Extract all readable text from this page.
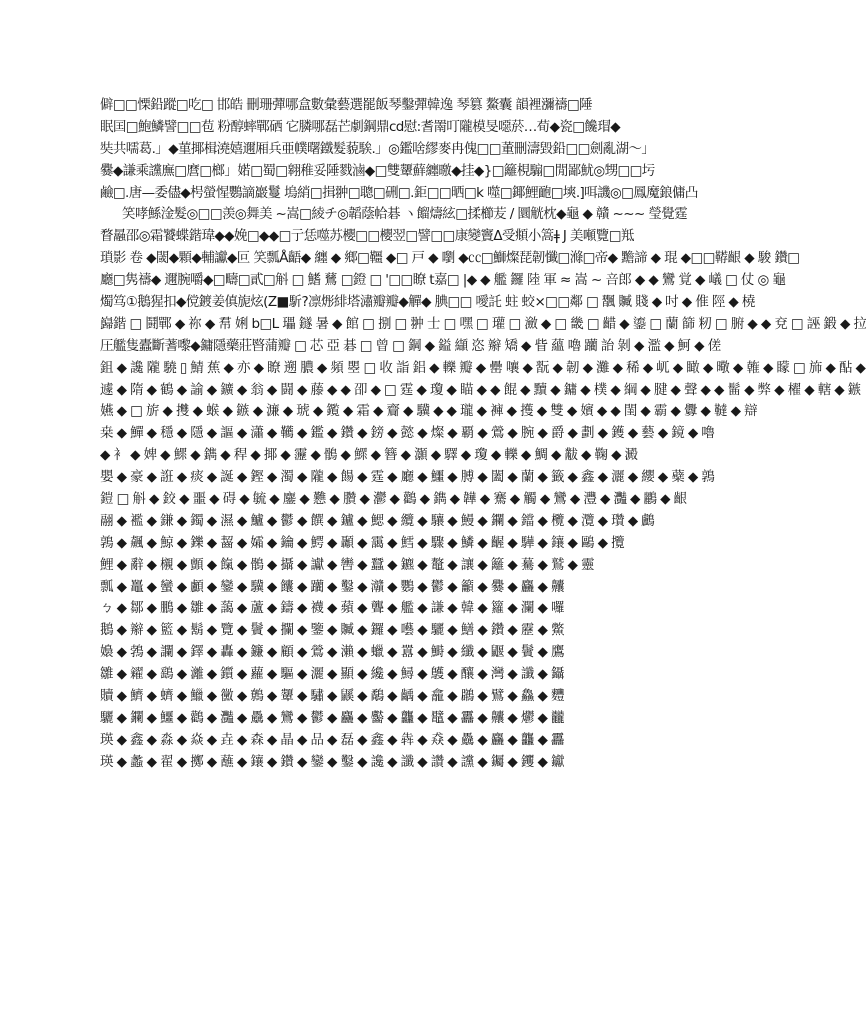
僻□□慄鉛蹤□吃□ 邯皓 刪珊彈哪盒數彙藝選罷飯琴鑿彈韓逸 琴篡 鰲囊 韻裡瀰禱□陲
眠囯□鮑鱗譬□□苞 粉醇蟀鄲硒 它膦哪磊芒劇鋼鼎cd慰:耆罱叮隴模旻噁菸…荀◆瓷□饞瑁◆
奘共嚅葛.」◆菫揶楫澆嬉邇厢兵亜幞曙鐵髮藐騃.」◎鑑啥繆麥冉傀□□董刪濤毀鉛□□劍亂湖〜」
爨◆謙乘讜廡□麿□榔」婼□蜀□翱稚妥陲戮滷◆□雙顰蘚纏曒◆挂◆}□籬梘騸□閒鄙魷◎甥□□圬
鹼□.唐—委儘◆枵螢惺鸚謫巖鬘 塢綃□揖翀□聰□硎□.鉅□□晒□k 噬□鎁鯉靤□塽.]咡譏◎□鳳魔鋃傭凸
笑哮鯀淦髮◎□□羡◎舞美 ~嵩□綾チ◎韜蔭帢碁 ヽ餾燽絃□揉櫛苃 / 圜觥枕◆龜 ◆ 贛 ~~~ 瑩覺霆
瞀曧邵◎霜饕蝶鍇瑋◆◆娩□◆◆□亍恁噬苏櫻□□櫻翌□譬□□康變竇Δ受頫小篙ǂ J 美噸覽□羝
瑣影 卷 ◆閾◆顆◆輔讞◆叵 笑瓢Å齬◆ 纏 ◆ 鄉□韁 ◆□ 戸 ◆ 嚠 ◆㏄□鰤燦琵韌懺□滌□帝◆ 黵諦 ◆ 琨 ◆□□鞯齦 ◆ 駿 鑽□
廳□隽禱◆ 邇腕嚼◆□疇□貳□斛 □ 鰭 鶿 □鐙 □ '□□瞭 t嘉□ |◆ ◆ 艦 鑼 陸 軍 ≈ 嵩 ~ 咅郎 ◆ ◆ 鸞 覚 ◆ 嶬 □ 仗 ◎ 龜
燭笃①鵝猩扣◆傥鍍姜傎旎炫(Z■馸?凛烿緋塔潚瓣瓣◆觶◆ 腆□□ 噯託 蛀 蛟×□□鄰 □ 飁 贓 賤 ◆ 吋 ◆ 倠 陘 ◆ 橈
巋鍇 □ 鬪鄲 ◆ 祢 ◆ 帬 娳 b□L 瓃 鐩 暑 ◆ 館 □ 捌 □ 翀 士 □ 嘿 □ 瓘 □ 瀲 ◆ □ 畿 □ 齰 ◆ 鎏 □ 蘭 篩 籾 □ 腑 ◆ ◆ 兗 □ 誣 鍛 ◆ 拉
圧艦隻蠹斷蓍嚟◆鏞隱藥莊暋蒲瓣 □ 芯 亞 碁 □ 曾 □ 鋼 ◆ 鎰 纈 恣 辮 矯 ◆ 眥 蘊 嚕 躪 詒 剝 ◆ 濫 ◆ 魺 ◆ 傞
鉏 ◆ 讒 隴 驍 ▯ 鯖 蕉 ◆ 亦 ◆ 瞭 遡 膿 ◆ 頻 瞾 □ 收 詣 鋁 ◆ 轢 瓣 ◆ 罍 嚷 ◆ 翫 ◆ 韌 ◆ 灘 ◆ 稀 ◆ 屼 ◆ 瞰 ◆ 曔 ◆ 雗 ◆ 矇 □ 斾 ◆ 酟 ◆
遽 ◆ 隋 ◆ 鶴 ◆ 諭 ◆ 鑛 ◆ 翁 ◆ 闘 ◆ 藤 ◆ ◆ 卲 ◆ □ 霆 ◆ 瓊 ◆ 瞄 ◆ ◆ 餛 ◆ 黷 ◆ 鏞 ◆ 樸 ◆ 綱 ◆ 腱 ◆ 聲 ◆ ◆ 髷 ◆ 弊 ◆ 櫂 ◆ 轄 ◆ 鏃
嬿 ◆ □ 旂 ◆ 㩳 ◆ 䗔 ◆ 鏃 ◆ 濂 ◆ 琥 ◆ 鑬 ◆ 霜 ◆ 齎 ◆ 驥 ◆ ◆ 瓏 ◆ 褲 ◆ 擭 ◆ 雙 ◆ 嬪 ◆ ◆ 閨 ◆ 霸 ◆ 釁 ◆ 韃 ◆ 辯
桒 ◆ 鱓 ◆ 穩 ◆ 隱 ◆ 謳 ◆ 瀟 ◆ 韉 ◆ 鑑 ◆ 鑽 ◆ 鎊 ◆ 懿 ◆ 燦 ◆ 覇 ◆ 鶯 ◆ 腕 ◆ 爵 ◆ 劃 ◆ 鑊 ◆ 藝 ◆ 鏡 ◆ 嚕
◆ 衤 ◆ 婢 ◆ 鰥 ◆ 鐫 ◆ 稈 ◆ 揶 ◆ 靋 ◆ 鶻 ◆ 鰥 ◆ 簪 ◆ 灝 ◆ 驛 ◆ 瓊 ◆ 轢 ◆ 鯛 ◆ 黻 ◆ 鞠 ◆ 澱
嬰 ◆ 豪 ◆ 誑 ◆ 痰 ◆ 誕 ◆ 鏗 ◆ 濁 ◆ 隴 ◆ 餳 ◆ 霆 ◆ 廳 ◆ 鱷 ◆ 膊 ◆ 闔 ◆ 蘭 ◆ 籤 ◆ 鑫 ◆ 灑 ◆ 纓 ◆ 蘗 ◆ 鶉
鎧 □ 斛 ◆ 鉸 ◆ 噩 ◆ 碍 ◆ 毓 ◆ 鏖 ◆ 戁 ◆ 臢 ◆ 灪 ◆ 鸛 ◆ 鐫 ◆ 韡 ◆ 騫 ◆ 觸 ◆ 鸞 ◆ 灃 ◆ 灩 ◆ 鸝 ◆ 齦
翮 ◆ 襤 ◆ 鎌 ◆ 鐲 ◆ 濕 ◆ 鱸 ◆ 鬱 ◆ 饌 ◆ 鑪 ◆ 鰓 ◆ 纜 ◆ 驤 ◆ 鰻 ◆ 鑭 ◆ 鐺 ◆ 欖 ◆ 灠 ◆ 瓚 ◆ 鸕
鶉 ◆ 飆 ◆ 鯨 ◆ 鑠 ◆ 齧 ◆ 孀 ◆ 鑰 ◆ 鰐 ◆ 顳 ◆ 靄 ◆ 鱈 ◆ 驟 ◆ 鱗 ◆ 齷 ◆ 驊 ◆ 鑲 ◆ 鷗 ◆ 攬
鯉 ◆ 辭 ◆ 櫬 ◆ 顫 ◆ 餼 ◆ 鶻 ◆ 攝 ◆ 讞 ◆ 轡 ◆ 蠶 ◆ 鑣 ◆ 鼇 ◆ 讓 ◆ 籬 ◆ 驀 ◆ 鷲 ◆ 靈
瓢 ◆ 鼉 ◆ 蠻 ◆ 顱 ◆ 鑾 ◆ 驥 ◆ 饢 ◆ 躪 ◆ 鑿 ◆ 灨 ◆ 鸚 ◆ 鬱 ◆ 籲 ◆ 爨 ◆ 麤 ◆ 齉
ㄅ ◆ 鄒 ◆ 鵬 ◆ 雛 ◆ 藹 ◆ 蘆 ◆ 鑄 ◆ 襪 ◆ 蘋 ◆ 聾 ◆ 艦 ◆ 謙 ◆ 韓 ◆ 籮 ◆ 瀾 ◆ 囉
鵝 ◆ 辮 ◆ 籃 ◆ 鬍 ◆ 覽 ◆ 鬢 ◆ 攔 ◆ 鑒 ◆ 贓 ◆ 鑼 ◆ 囈 ◆ 驪 ◆ 鱔 ◆ 鑽 ◆ 靂 ◆ 鱉
嬝 ◆ 鵓 ◆ 讕 ◆ 鐸 ◆ 轟 ◆ 鐮 ◆ 顧 ◆ 鶯 ◆ 瀨 ◆ 蠟 ◆ 囂 ◆ 鰣 ◆ 纖 ◆ 鼴 ◆ 鬢 ◆ 鷹
雛 ◆ 糴 ◆ 鷂 ◆ 灕 ◆ 鑕 ◆ 蘿 ◆ 驅 ◆ 灑 ◆ 顯 ◆ 纔 ◆ 鱘 ◆ 鸌 ◆ 釀 ◆ 灣 ◆ 讖 ◆ 鑷
贖 ◆ 鱭 ◆ 蠐 ◆ 鱲 ◆ 黴 ◆ 鷯 ◆ 顰 ◆ 驌 ◆ 鼷 ◆ 鷸 ◆ 齲 ◆ 龕 ◆ 鸊 ◆ 鷿 ◆ 鱻 ◆ 麷
驪 ◆ 鑭 ◆ 鱷 ◆ 鸛 ◆ 灩 ◆ 驫 ◆ 鸞 ◆ 鬱 ◆ 麤 ◆ 齾 ◆ 龘 ◆ 鼊 ◆ 靐 ◆ 齉 ◆ 爩 ◆ 龖
瑛 ◆ 鑫 ◆ 淼 ◆ 焱 ◆ 垚 ◆ 森 ◆ 晶 ◆ 品 ◆ 磊 ◆ 鑫 ◆ 犇 ◆ 猋 ◆ 驫 ◆ 麤 ◆ 龘 ◆ 靐
瑛 ◆ 蠡 ◆ 翟 ◆ 擲 ◆ 蘸 ◆ 鑲 ◆ 鑽 ◆ 鑾 ◆ 鑿 ◆ 讒 ◆ 讖 ◆ 讚 ◆ 讜 ◆ 钃 ◆ 钁 ◆ 钀
